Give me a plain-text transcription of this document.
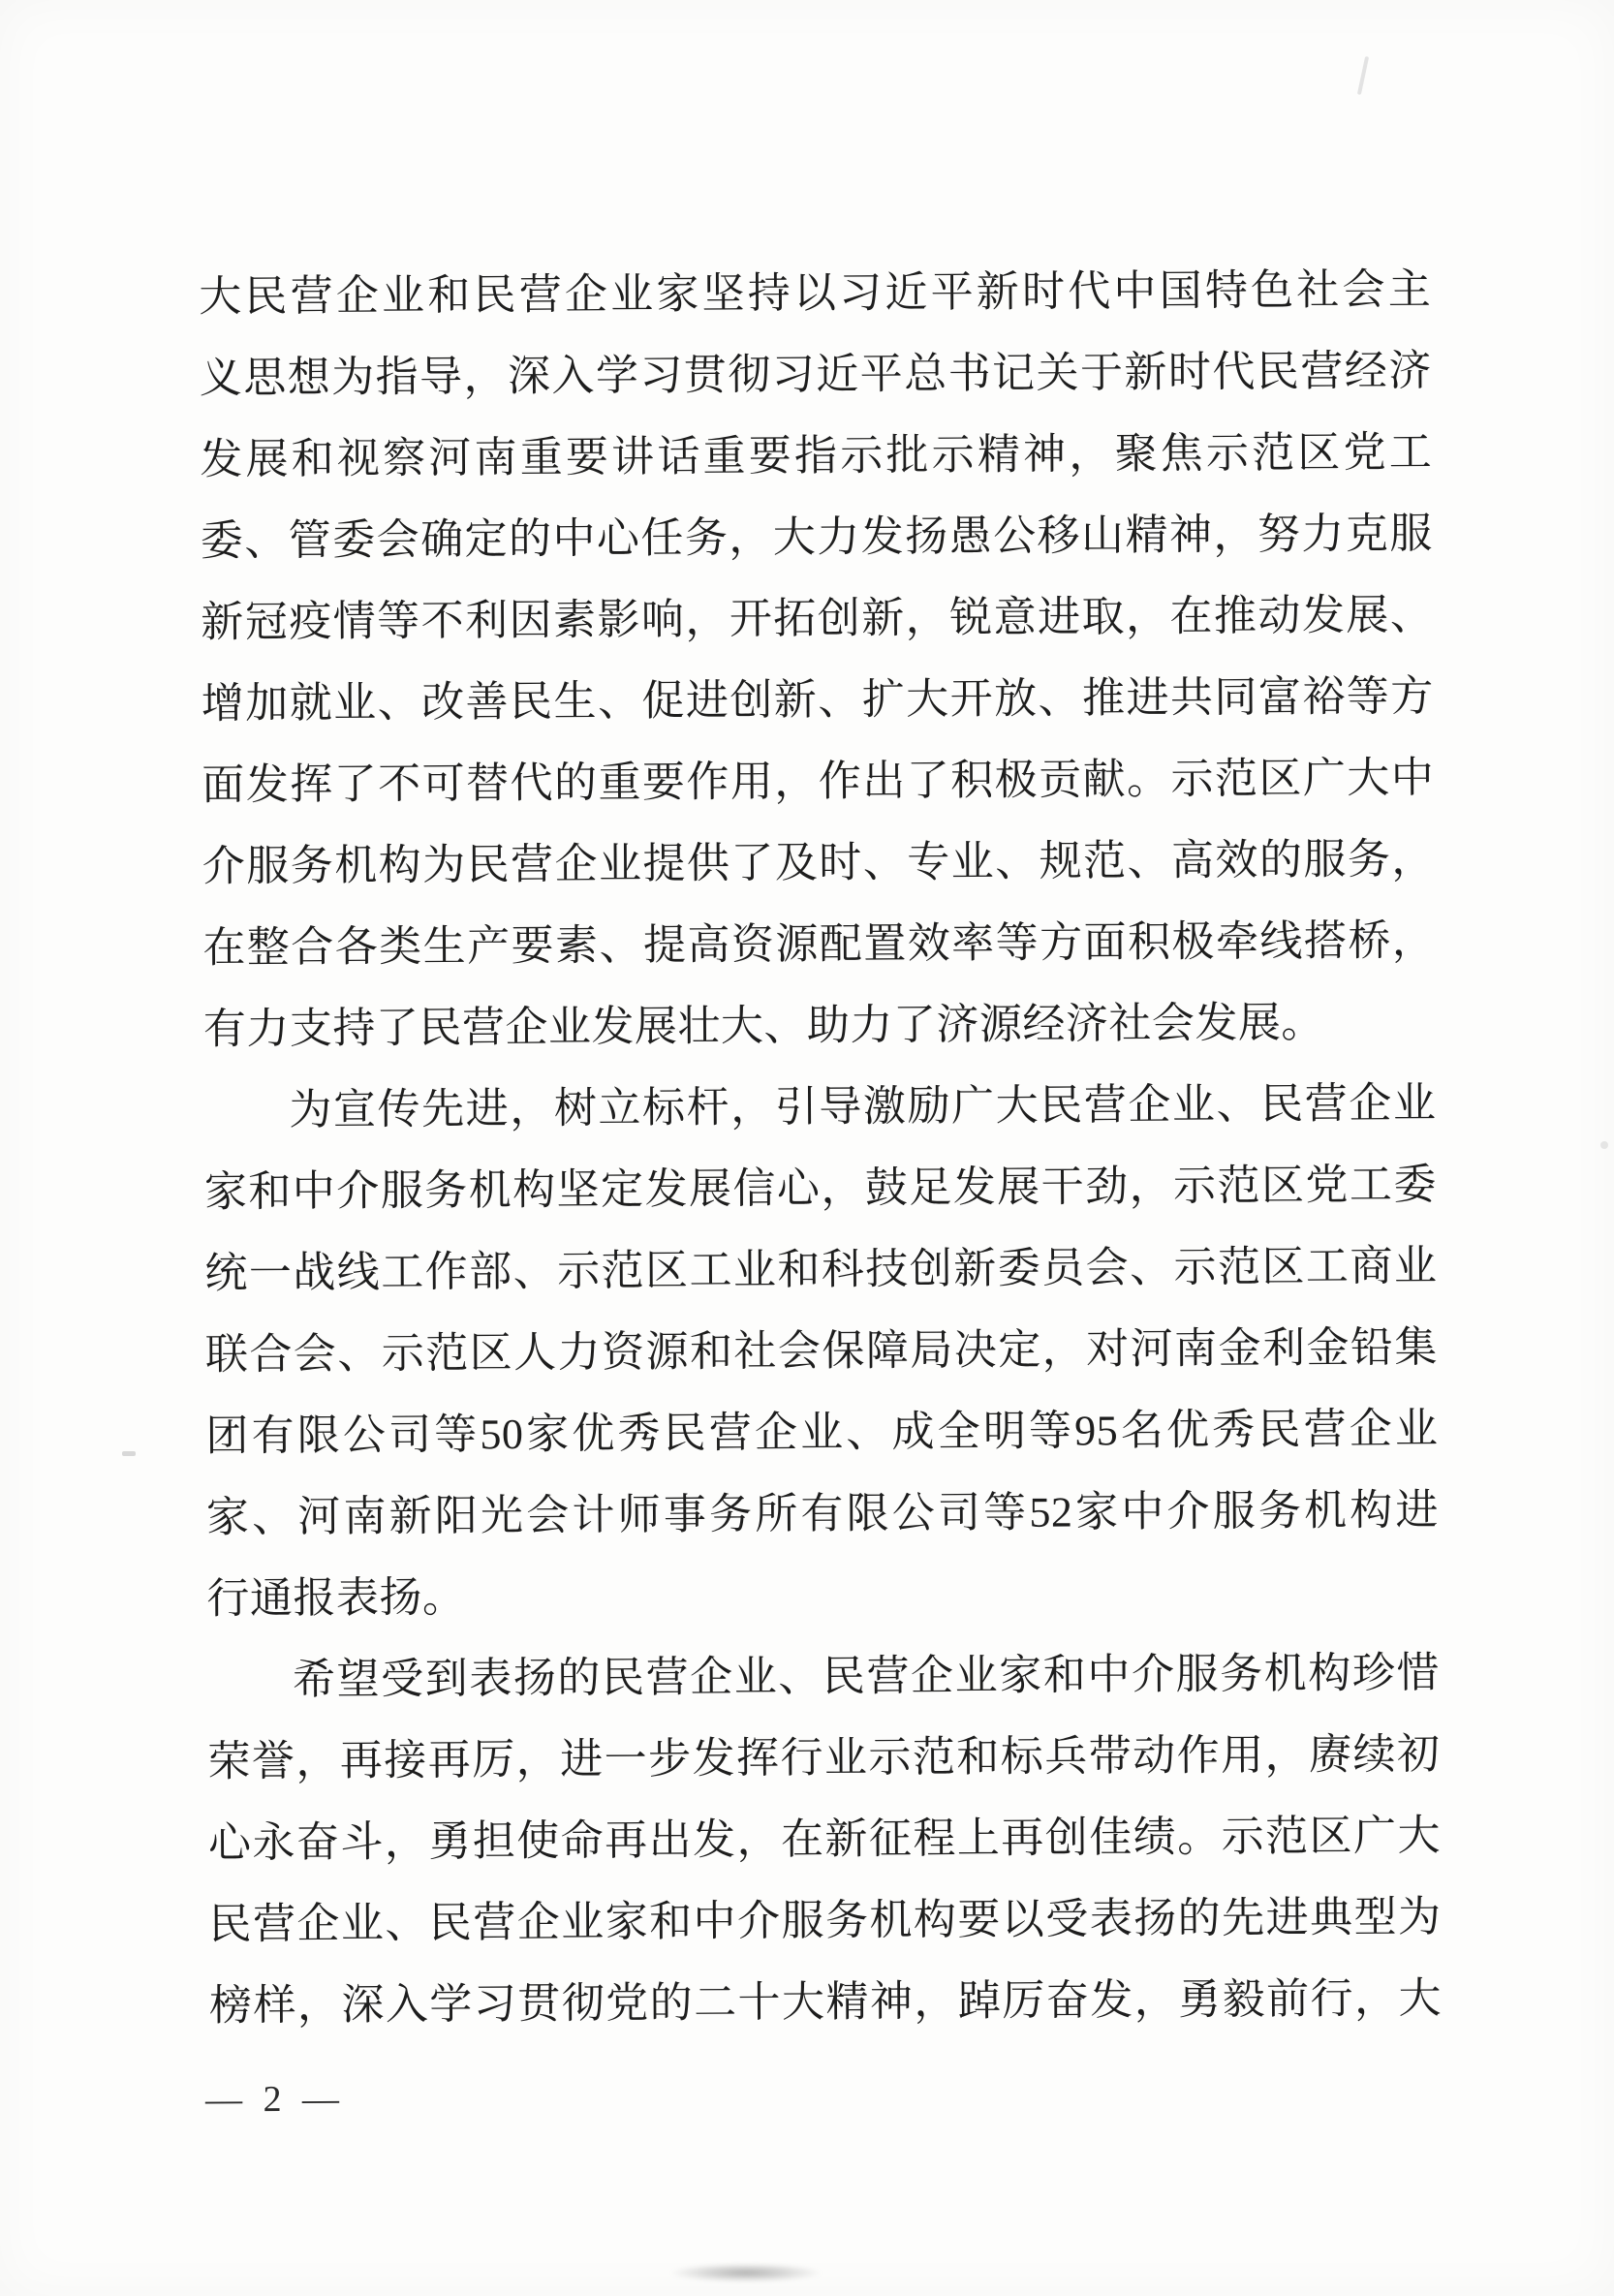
大民营企业和民营企业家坚持以习近平新时代中国特色社会主
义思想为指导，深入学习贯彻习近平总书记关于新时代民营经济
发展和视察河南重要讲话重要指示批示精神，聚焦示范区党工
委、管委会确定的中心任务，大力发扬愚公移山精神，努力克服
新冠疫情等不利因素影响，开拓创新，锐意进取，在推动发展、
增加就业、改善民生、促进创新、扩大开放、推进共同富裕等方
面发挥了不可替代的重要作用，作出了积极贡献。示范区广大中
介服务机构为民营企业提供了及时、专业、规范、高效的服务，
在整合各类生产要素、提高资源配置效率等方面积极牵线搭桥，
有力支持了民营企业发展壮大、助力了济源经济社会发展。
为宣传先进，树立标杆，引导激励广大民营企业、民营企业
家和中介服务机构坚定发展信心，鼓足发展干劲，示范区党工委
统一战线工作部、示范区工业和科技创新委员会、示范区工商业
联合会、示范区人力资源和社会保障局决定，对河南金利金铅集
团有限公司等50家优秀民营企业、成全明等95名优秀民营企业
家、河南新阳光会计师事务所有限公司等52家中介服务机构进
行通报表扬。
希望受到表扬的民营企业、民营企业家和中介服务机构珍惜
荣誉，再接再厉，进一步发挥行业示范和标兵带动作用，赓续初
心永奋斗，勇担使命再出发，在新征程上再创佳绩。示范区广大
民营企业、民营企业家和中介服务机构要以受表扬的先进典型为
榜样，深入学习贯彻党的二十大精神，踔厉奋发，勇毅前行，大
— 2 —
